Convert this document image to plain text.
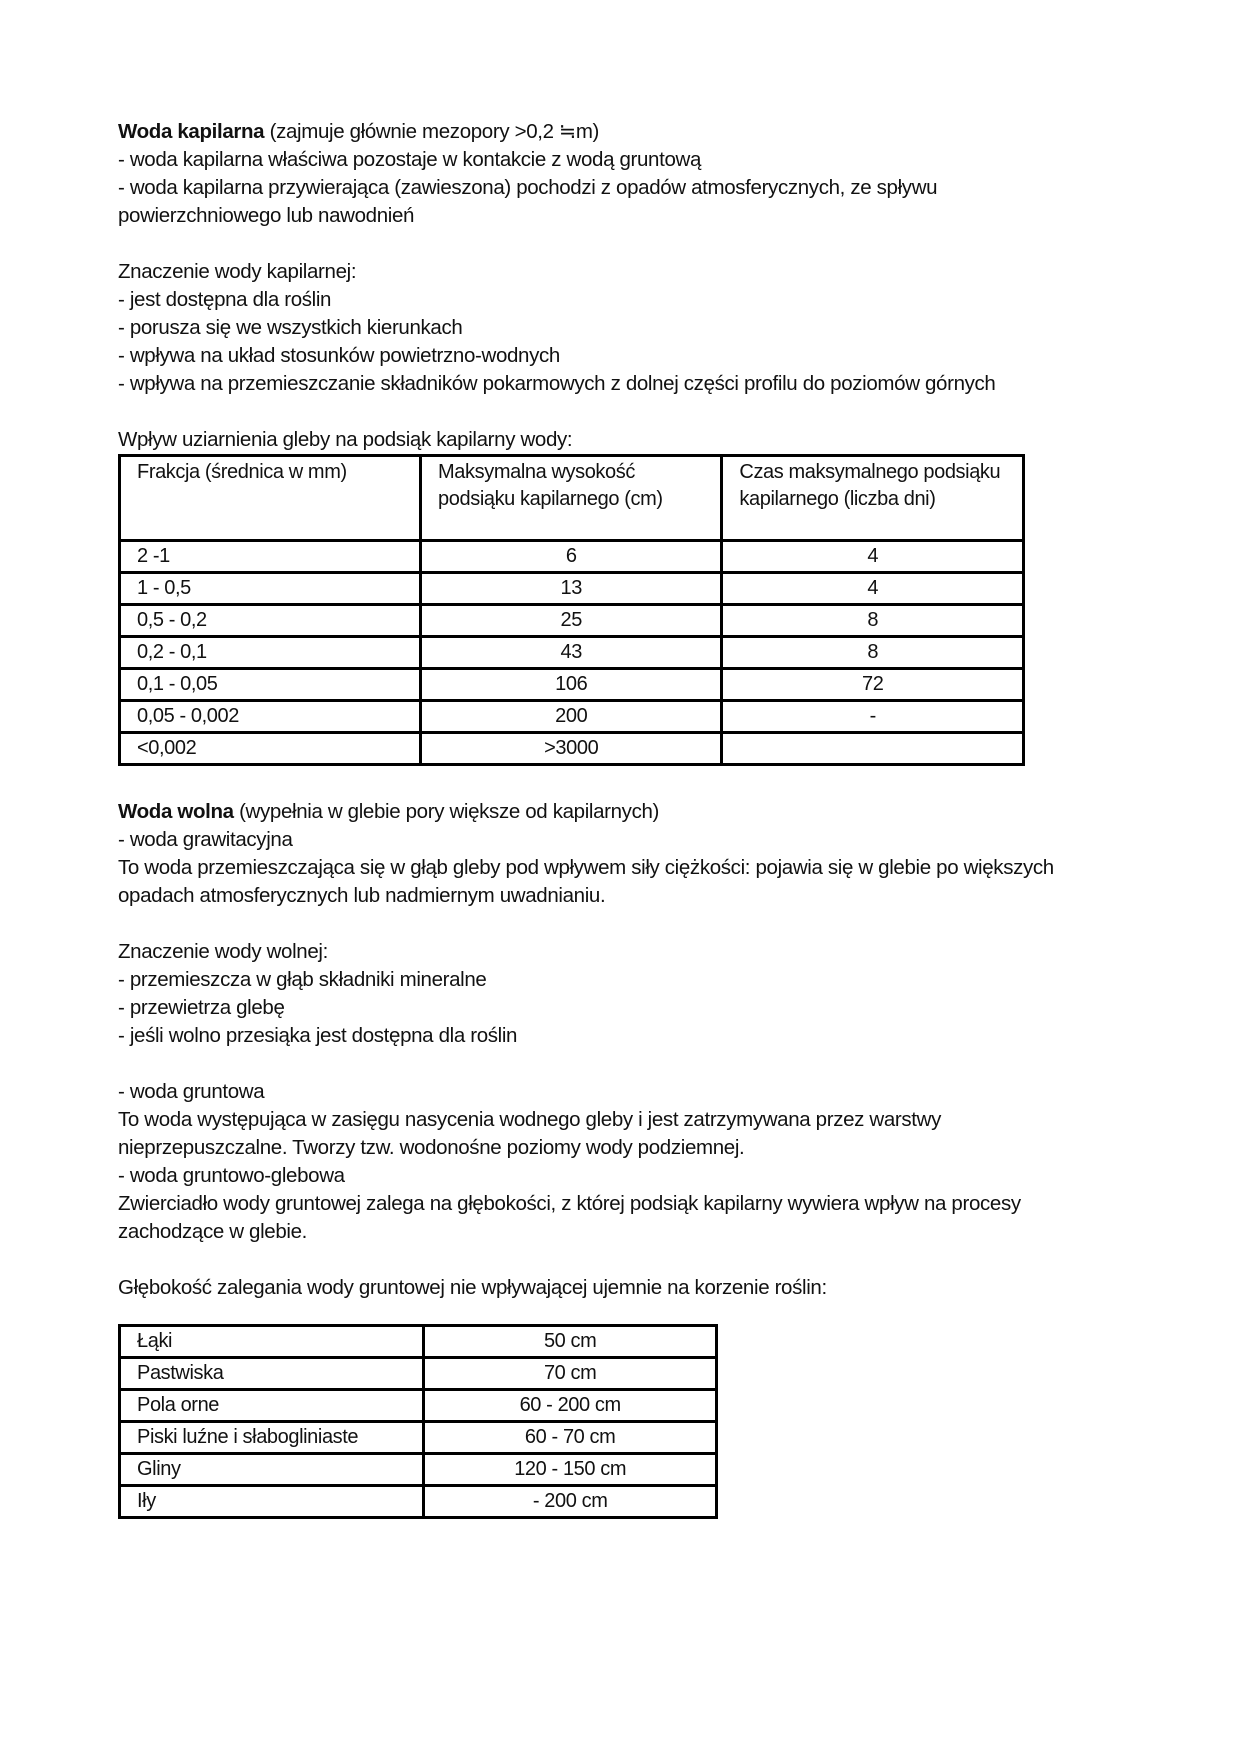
Woda kapilarna (zajmuje głównie mezopory >0,2 ≒m)
- woda kapilarna właściwa pozostaje w kontakcie z wodą gruntową
- woda kapilarna przywierająca (zawieszona) pochodzi z opadów atmosferycznych, ze spływu
powierzchniowego lub nawodnień
Znaczenie wody kapilarnej:
- jest dostępna dla roślin
- porusza się we wszystkich kierunkach
- wpływa na układ stosunków powietrzno-wodnych
- wpływa na przemieszczanie składników pokarmowych z dolnej części profilu do poziomów górnych
Wpływ uziarnienia gleby na podsiąk kapilarny wody:
Frakcja (średnica w mm)	Maksymalna wysokość podsiąku kapilarnego (cm)	Czas maksymalnego podsiąku kapilarnego (liczba dni)
2 -1	6	4
1 - 0,5	13	4
0,5 - 0,2	25	8
0,2 - 0,1	43	8
0,1 - 0,05	106	72
0,05 - 0,002	200	-
<0,002	>3000	
Woda wolna (wypełnia w glebie pory większe od kapilarnych)
- woda grawitacyjna
To woda przemieszczająca się w głąb gleby pod wpływem siły ciężkości: pojawia się w glebie po większych
opadach atmosferycznych lub nadmiernym uwadnianiu.
Znaczenie wody wolnej:
- przemieszcza w głąb składniki mineralne
- przewietrza glebę
- jeśli wolno przesiąka jest dostępna dla roślin
- woda gruntowa
To woda występująca w zasięgu nasycenia wodnego gleby i jest zatrzymywana przez warstwy
nieprzepuszczalne. Tworzy tzw. wodonośne poziomy wody podziemnej.
- woda gruntowo-glebowa
Zwierciadło wody gruntowej zalega na głębokości, z której podsiąk kapilarny wywiera wpływ na procesy
zachodzące w glebie.
Głębokość zalegania wody gruntowej nie wpływającej ujemnie na korzenie roślin:
Łąki	50 cm
Pastwiska	70 cm
Pola orne	60 - 200 cm
Piski luźne i słabogliniaste	60 - 70 cm
Gliny	120 - 150 cm
Iły	- 200 cm
